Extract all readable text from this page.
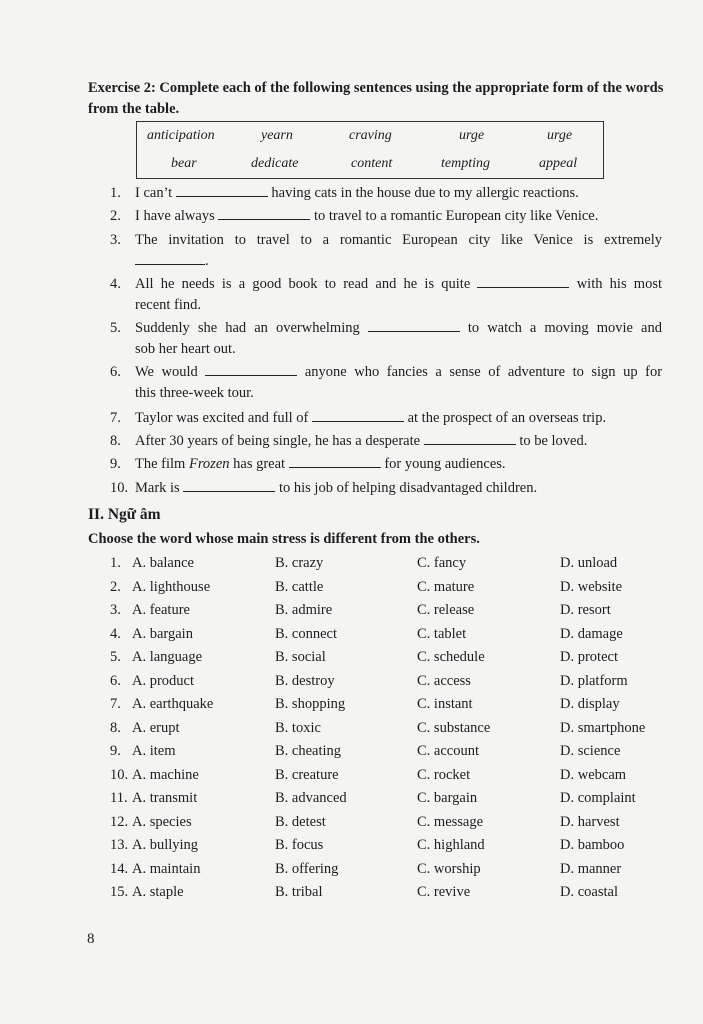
Exercise 2: Complete each of the following sentences using the appropriate form of the words from the table.
anticipation	yearn	craving	urge	urge
bear	dedicate	content	tempting	appeal
1. I can’t	having cats in the house due to my allergic reactions.
2. I have always	to travel to a romantic European city like Venice.
3. The invitation to travel to a romantic European city like Venice is extremely
.
4. All he needs is a good book to read and he is quite	with his most
recent find.
5. Suddenly she had an overwhelming	to watch a moving movie and
sob her heart out.
6. We would	anyone who fancies a sense of adventure to sign up for
this three-week tour.
7. Taylor was excited and full of	at the prospect of an overseas trip.
8. After 30 years of being single, he has a desperate	to be loved.
9. The film Frozen has great	for young audiences.
10. Mark is	to his job of helping disadvantaged children.
II. Ngữ âm
Choose the word whose main stress is different from the others.
1. A. balance	B. crazy	C. fancy	D. unload
2. A. lighthouse	B. cattle	C. mature	D. website
3. A. feature	B. admire	C. release	D. resort
4. A. bargain	B. connect	C. tablet	D. damage
5. A. language	B. social	C. schedule	D. protect
6. A. product	B. destroy	C. access	D. platform
7. A. earthquake	B. shopping	C. instant	D. display
8. A. erupt	B. toxic	C. substance	D. smartphone
9. A. item	B. cheating	C. account	D. science
10. A. machine	B. creature	C. rocket	D. webcam
11. A. transmit	B. advanced	C. bargain	D. complaint
12. A. species	B. detest	C. message	D. harvest
13. A. bullying	B. focus	C. highland	D. bamboo
14. A. maintain	B. offering	C. worship	D. manner
15. A. staple	B. tribal	C. revive	D. coastal
8
